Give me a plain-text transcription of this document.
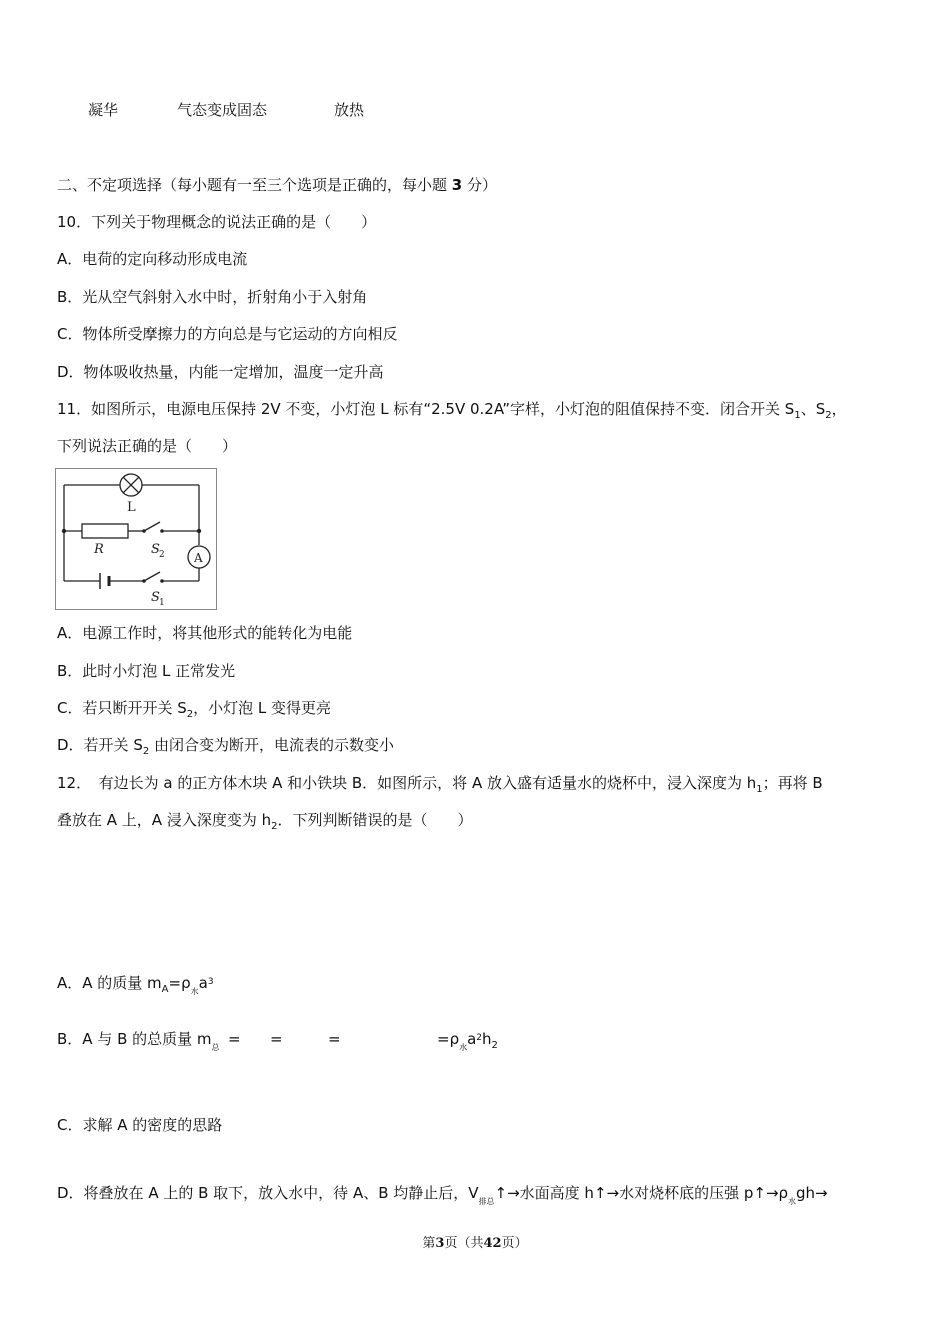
凝华	气态变成固态	放热
二、不定项选择（每小题有一至三个选项是正确的，每小题 3 分）
10．下列关于物理概念的说法正确的是（　　）
A．电荷的定向移动形成电流
B．光从空气斜射入水中时，折射角小于入射角
C．物体所受摩擦力的方向总是与它运动的方向相反
D．物体吸收热量，内能一定增加，温度一定升高
11．如图所示，电源电压保持 2V 不变，小灯泡 L 标有“2.5V 0.2A”字样，小灯泡的阻值保持不变．闭合开关 $S_1$、$S_2$，
下列说法正确的是（　　）
L
R	S 2 A
S 1
A．电源工作时，将其他形式的能转化为电能
B．此时小灯泡 L 正常发光
C．若只断开开关 $S_2$，小灯泡 L 变得更亮
D．若开关 $S_2$ 由闭合变为断开，电流表的示数变小
12．　有边长为 a 的正方体木块 A 和小铁块 B．如图所示，将 A 放入盛有适量水的烧杯中，浸入深度为 $h_1$；再将 B
叠放在 A 上，A 浸入深度变为 $h_2$．下列判断错误的是（　　）
A．A 的质量 $m_A=\rho_水a^3$
B．A 与 B 的总质量 $m_总$ = =	=	$=\rho_水a^2h_2$
C．求解 A 的密度的思路
D．将叠放在 A 上的 B 取下，放入水中，待 A、B 均静止后，$V_{排总}↑\to$水面高度 h↑→水对烧杯底的压强 $p↑\to\rho_水gh\to$
第3页（共42页）
